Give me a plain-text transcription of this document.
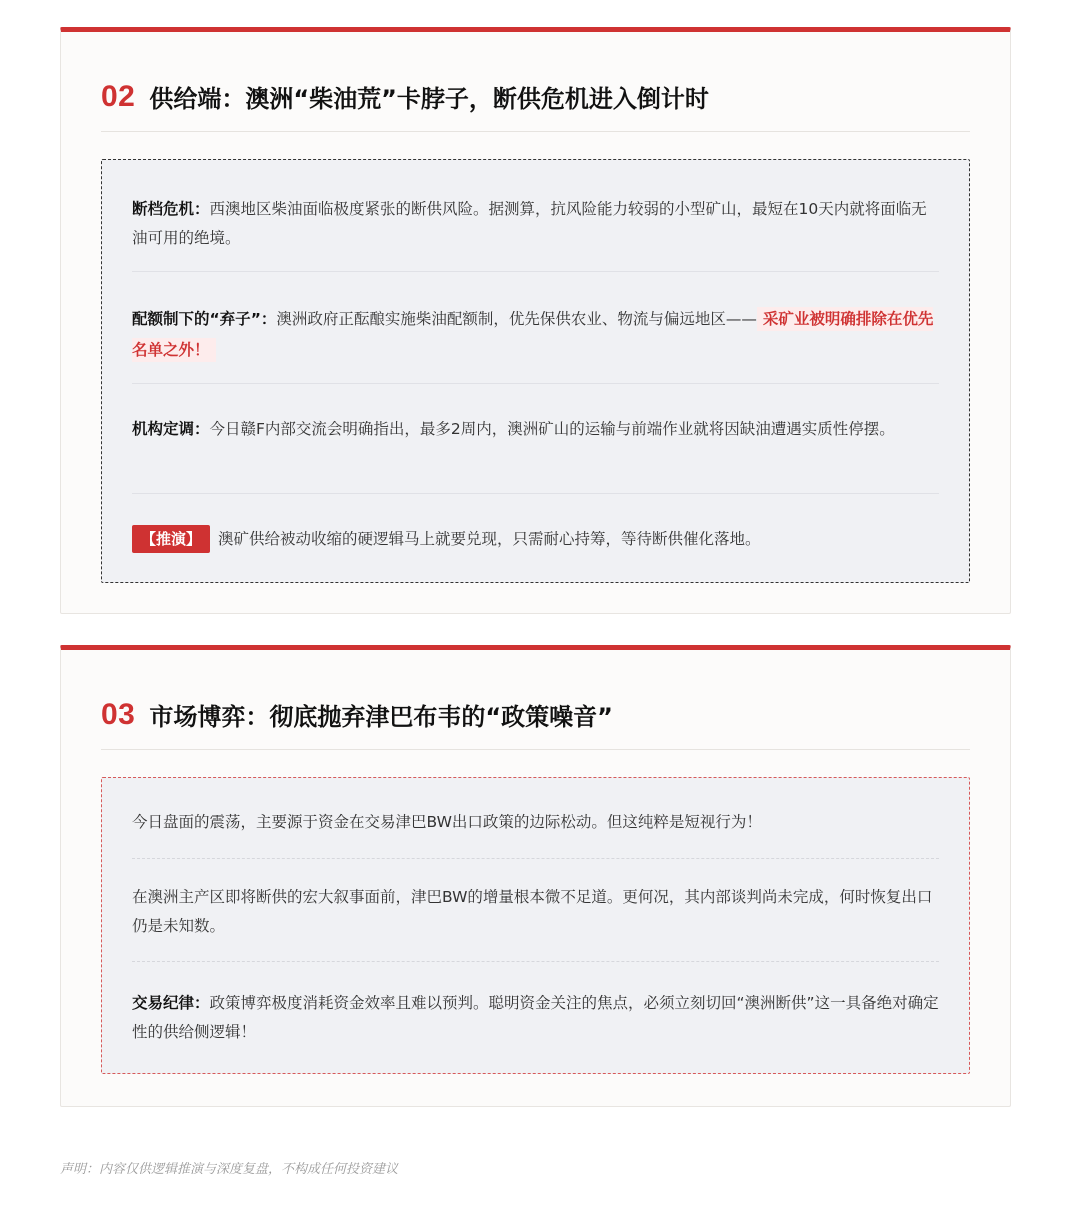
02 供给端：澳洲“柴油荒”卡脖子，断供危机进入倒计时
断档危机：西澳地区柴油面临极度紧张的断供风险。据测算，抗风险能力较弱的小型矿山，最短在10天内就将面临无油可用的绝境。
配额制下的“弃子”：澳洲政府正酝酿实施柴油配额制，优先保供农业、物流与偏远地区—— 采矿业被明确排除在优先名单之外！
机构定调：今日赣F内部交流会明确指出，最多2周内，澳洲矿山的运输与前端作业就将因缺油遭遇实质性停摆。
【推演】 澳矿供给被动收缩的硬逻辑马上就要兑现，只需耐心持筹，等待断供催化落地。
03 市场博弈：彻底抛弃津巴布韦的“政策噪音”
今日盘面的震荡，主要源于资金在交易津巴BW出口政策的边际松动。但这纯粹是短视行为！
在澳洲主产区即将断供的宏大叙事面前，津巴BW的增量根本微不足道。更何况，其内部谈判尚未完成，何时恢复出口仍是未知数。
交易纪律：政策博弈极度消耗资金效率且难以预判。聪明资金关注的焦点，必须立刻切回“澳洲断供”这一具备绝对确定性的供给侧逻辑！
声明：内容仅供逻辑推演与深度复盘，不构成任何投资建议
